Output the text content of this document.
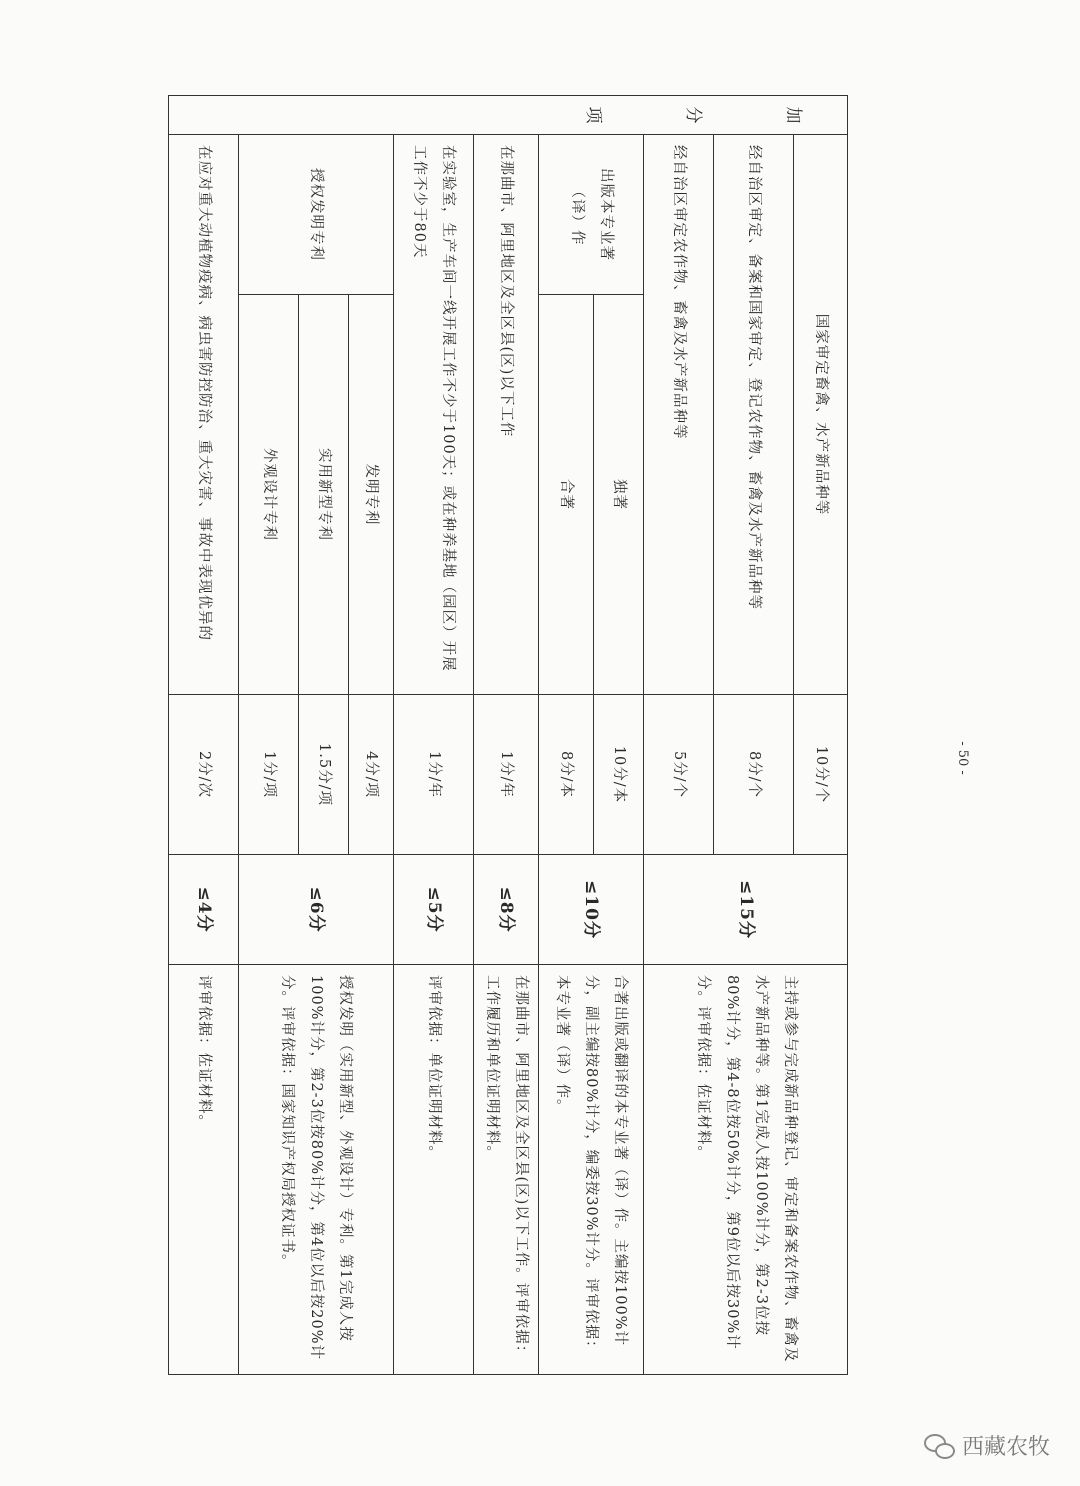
加
分
项
国家审定畜禽、水产新品种等
10分/个
经自治区审定、备案和国家审定、登记农作物、畜禽及水产新品种等
8分/个
经自治区审定农作物、畜禽及水产新品种等
5分/个
≤15分
主持或参与完成新品种登记、审定和备案农作物、畜禽及水产新品种等。第1完成人按100%计分，第2-3位按80%计分，第4-8位按50%计分，第9位以后按30%计分。评审依据：佐证材料。
出版本专业著（译）作
独著
10分/本
合著
8分/本
≤10分
合著出版或翻译的本专业著（译）作。主编按100%计分，副主编按80%计分，编委按30%计分。评审依据：本专业著（译）作。
在那曲市、阿里地区及全区县(区)以下工作
1分/年
≤8分
在那曲市、阿里地区及全区县(区)以下工作。评审依据：工作履历和单位证明材料。
在实验室，生产车间一线开展工作不少于100天；或在种养基地（园区）开展工作不少于80天
1分/年
≤5分
评审依据：单位证明材料。
授权发明专利
发明专利
4分/项
实用新型专利
1.5分/项
外观设计专利
1分/项
≤6分
授权发明（实用新型、外观设计）专利。第1完成人按100%计分，第2-3位按80%计分，第4位以后按20%计分。评审依据：国家知识产权局授权证书。
在应对重大动植物疫病、病虫害防控防治、重大灾害、事故中表现优异的
2分/次
≤4分
评审依据：佐证材料。
- 50 -
西藏农牧
